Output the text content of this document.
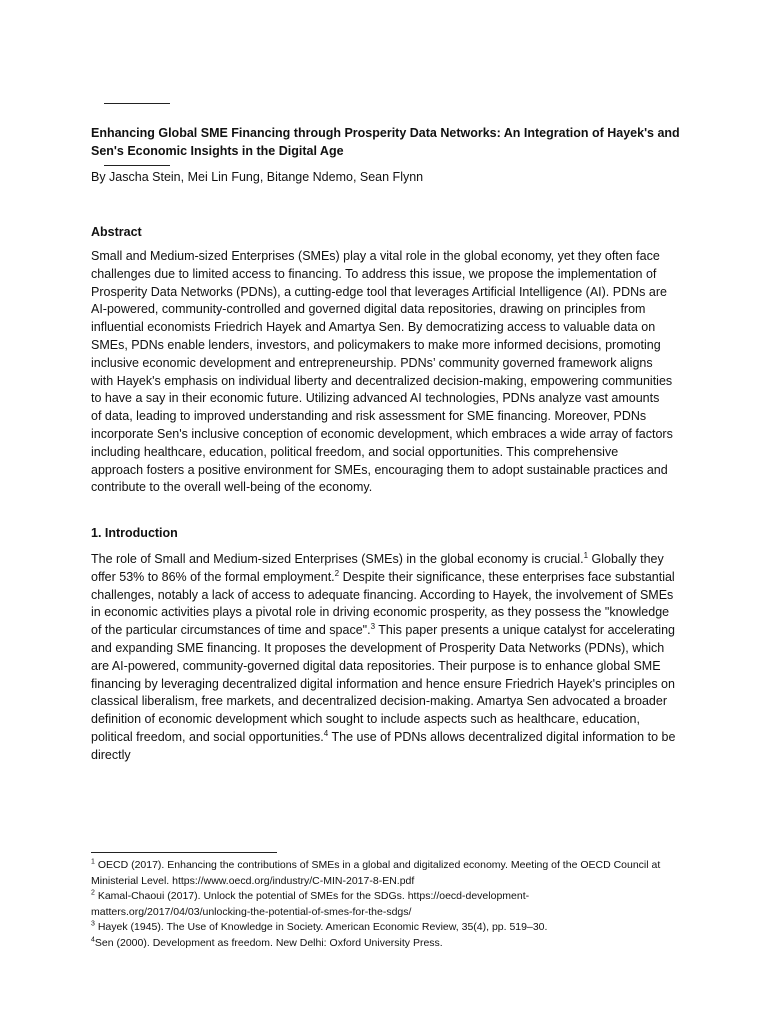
Enhancing Global SME Financing through Prosperity Data Networks: An Integration of Hayek's and Sen's Economic Insights in the Digital Age

By Jascha Stein, Mei Lin Fung, Bitange Ndemo, Sean Flynn

Abstract

Small and Medium-sized Enterprises (SMEs) play a vital role in the global economy, yet they often face challenges due to limited access to financing. To address this issue, we propose the implementation of Prosperity Data Networks (PDNs), a cutting-edge tool that leverages Artificial Intelligence (AI). PDNs are AI-powered, community-controlled and governed digital data repositories, drawing on principles from influential economists Friedrich Hayek and Amartya Sen. By democratizing access to valuable data on SMEs, PDNs enable lenders, investors, and policymakers to make more informed decisions, promoting inclusive economic development and entrepreneurship. PDNs’ community governed framework aligns with Hayek's emphasis on individual liberty and decentralized decision-making, empowering communities to have a say in their economic future. Utilizing advanced AI technologies, PDNs analyze vast amounts of data, leading to improved understanding and risk assessment for SME financing. Moreover, PDNs incorporate Sen's inclusive conception of economic development, which embraces a wide array of factors including healthcare, education, political freedom, and social opportunities. This comprehensive approach fosters a positive environment for SMEs, encouraging them to adopt sustainable practices and contribute to the overall well-being of the economy.

1. Introduction

The role of Small and Medium-sized Enterprises (SMEs) in the global economy is crucial.$^1$ Globally they offer 53% to 86% of the formal employment.$^2$ Despite their significance, these enterprises face substantial challenges, notably a lack of access to adequate financing. According to Hayek, the involvement of SMEs in economic activities plays a pivotal role in driving economic prosperity, as they possess the "knowledge of the particular circumstances of time and space".$^3$ This paper presents a unique catalyst for accelerating and expanding SME financing. It proposes the development of Prosperity Data Networks (PDNs), which are AI-powered, community-governed digital data repositories. Their purpose is to enhance global SME financing by leveraging decentralized digital information and hence ensure Friedrich Hayek's principles on classical liberalism, free markets, and decentralized decision-making. Amartya Sen advocated a broader definition of economic development which sought to include aspects such as healthcare, education, political freedom, and social opportunities.$^4$ The use of PDNs allows decentralized digital information to be directly

$^1$ OECD (2017). Enhancing the contributions of SMEs in a global and digitalized economy. Meeting of the OECD Council at Ministerial Level. https://www.oecd.org/industry/C-MIN-2017-8-EN.pdf
$^2$ Kamal-Chaoui (2017). Unlock the potential of SMEs for the SDGs. https://oecd-development-matters.org/2017/04/03/unlocking-the-potential-of-smes-for-the-sdgs/
$^3$ Hayek (1945). The Use of Knowledge in Society. American Economic Review, 35(4), pp. 519–30.
$^4$Sen (2000). Development as freedom. New Delhi: Oxford University Press.
